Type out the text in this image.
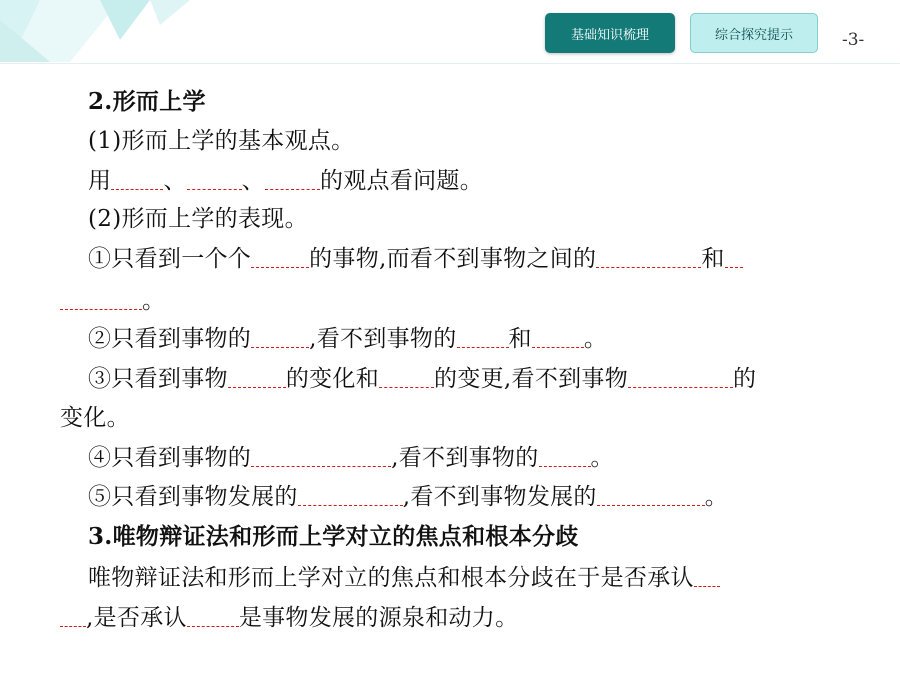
基础知识梳理	综合探究提示	-3-
2.形而上学
(1)形而上学的基本观点。
用 、 、 的观点看问题。
(2)形而上学的表现。
①只看到一个个	的事物,而看不到事物之间的	和
。
②只看到事物的	,看不到事物的 和 。
③只看到事物	的变化和 的变更,看不到事物	的
变化。
④只看到事物的	,看不到事物的 。
⑤只看到事物发展的	,看不到事物发展的	。
3.唯物辩证法和形而上学对立的焦点和根本分歧
唯物辩证法和形而上学对立的焦点和根本分歧在于是否承认
,是否承认 是事物发展的源泉和动力。
